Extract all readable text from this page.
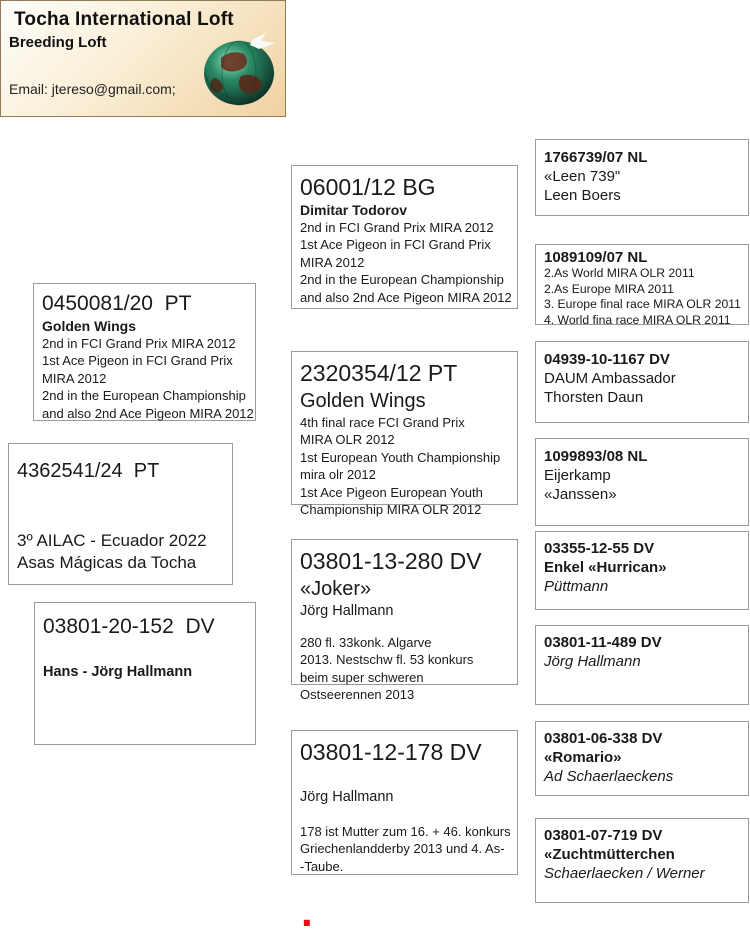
Tocha International Loft
Breeding Loft
Email: jtereso@gmail.com;
0450081/20  PT
Golden Wings
2nd in FCI Grand Prix MIRA 2012
1st Ace Pigeon in FCI Grand Prix
MIRA 2012
2nd in the European Championship
and also 2nd Ace Pigeon MIRA 2012
4362541/24  PT
3º AILAC - Ecuador 2022
Asas Mágicas da Tocha
03801-20-152  DV
Hans - Jörg Hallmann
06001/12 BG
Dimitar Todorov
2nd in FCI Grand Prix MIRA 2012
1st Ace Pigeon in FCI Grand Prix
MIRA 2012
2nd in the European Championship
and also 2nd Ace Pigeon MIRA 2012
2320354/12 PT
Golden Wings
4th final race FCI Grand Prix
MIRA OLR 2012
1st European Youth Championship
mira olr 2012
1st Ace Pigeon European Youth
Championship MIRA OLR 2012
03801-13-280 DV
«Joker»
Jörg Hallmann
280 fl. 33konk. Algarve
2013. Nestschw fl. 53 konkurs
beim super schweren
Ostseerennen 2013
03801-12-178 DV
Jörg Hallmann
178 ist Mutter zum 16. + 46. konkurs
Griechenlandderby 2013 und 4. As-
-Taube.
1766739/07 NL
«Leen 739"
Leen Boers
1089109/07 NL
2.As World MIRA OLR 2011
2.As Europe MIRA 2011
3. Europe final race MIRA OLR 2011
4. World fina race MIRA OLR 2011
04939-10-1167 DV
DAUM Ambassador
Thorsten Daun
1099893/08 NL
Eijerkamp
«Janssen»
03355-12-55 DV
Enkel «Hurrican»
Püttmann
03801-11-489 DV
Jörg Hallmann
03801-06-338 DV
«Romario»
Ad Schaerlaeckens
03801-07-719 DV
«Zuchtmütterchen
Schaerlaecken / Werner
.
